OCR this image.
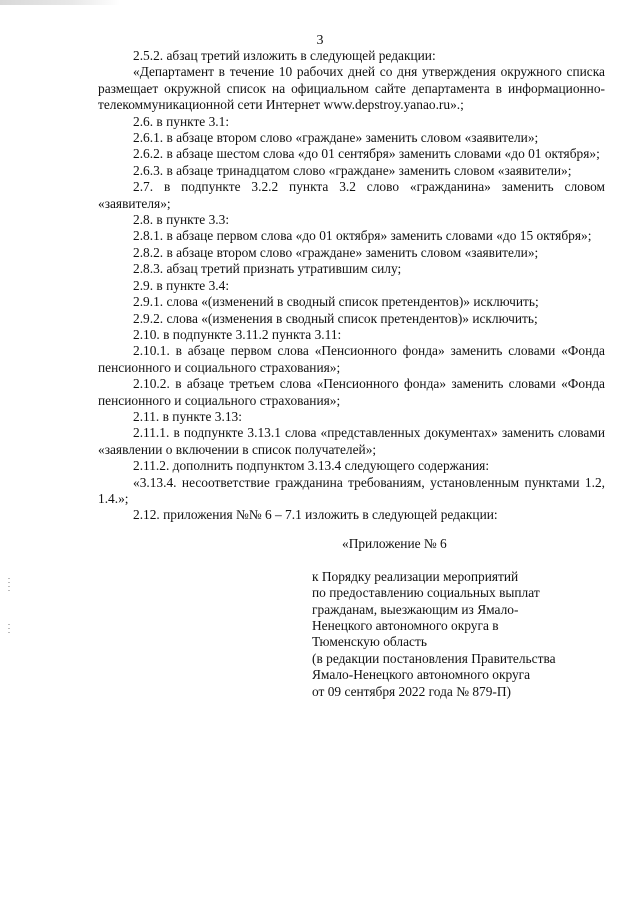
3

2.5.2. абзац третий изложить в следующей редакции:

«Департамент в течение 10 рабочих дней со дня утверждения окружного списка размещает окружной список на официальном сайте департамента в информационно-телекоммуникационной сети Интернет www.depstroy.yanao.ru».;

2.6. в пункте 3.1:

2.6.1. в абзаце втором слово «граждане» заменить словом «заявители»;

2.6.2. в абзаце шестом слова «до 01 сентября» заменить словами «до 01 октября»;

2.6.3. в абзаце тринадцатом слово «граждане» заменить словом «заявители»;

2.7. в подпункте 3.2.2 пункта 3.2 слово «гражданина» заменить словом «заявителя»;

2.8. в пункте 3.3:

2.8.1. в абзаце первом слова «до 01 октября» заменить словами «до 15 октября»;

2.8.2. в абзаце втором слово «граждане» заменить словом «заявители»;

2.8.3. абзац третий признать утратившим силу;

2.9. в пункте 3.4:

2.9.1. слова «(изменений в сводный список претендентов)» исключить;

2.9.2. слова «(изменения в сводный список претендентов)» исключить;

2.10. в подпункте 3.11.2 пункта 3.11:

2.10.1. в абзаце первом слова «Пенсионного фонда» заменить словами «Фонда пенсионного и социального страхования»;

2.10.2. в абзаце третьем слова «Пенсионного фонда» заменить словами «Фонда пенсионного и социального страхования»;

2.11. в пункте 3.13:

2.11.1. в подпункте 3.13.1 слова «представленных документах» заменить словами «заявлении о включении в список получателей»;

2.11.2. дополнить подпунктом 3.13.4 следующего содержания:

«3.13.4. несоответствие гражданина требованиям, установленным пунктами 1.2, 1.4.»;

2.12. приложения №№ 6 – 7.1 изложить в следующей редакции:

«Приложение № 6

к Порядку реализации мероприятий

по предоставлению социальных выплат

гражданам, выезжающим из Ямало-

Ненецкого автономного округа в

Тюменскую область

(в редакции постановления Правительства

Ямало-Ненецкого автономного округа

от 09 сентября 2022 года № 879-П)
